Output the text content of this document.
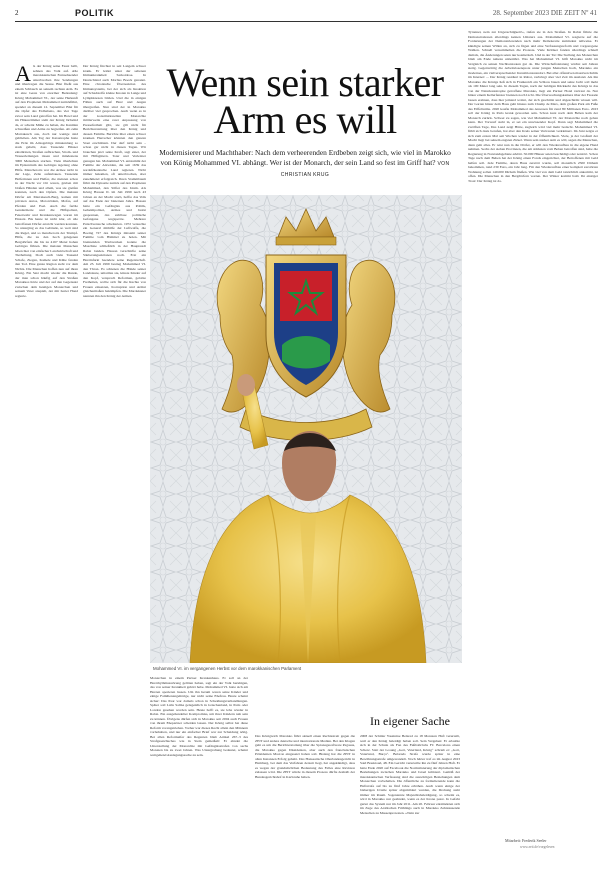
2	POLITIK	28. September 2023 DIE ZEIT Nº 41
A ls der König seine Faust ballt, sehnen das Volk auf. Alle marokkanischen Fernsehsender unterbrechen ihre Sendungen und übertragen die Szene. Blut fließt aus einem Schlauch an seinem rechten Arm. Es ist eine Geste von enormer Bedeutung: König Mohammed VI., der seine Herkunft auf den Propheten Mohammed zurückführt, spendet an diesem 12. September Blut für die Opfer des Erdbebens, das vier Tage zuvor sein Land getroffen hat. Im Hotel und im Hinterzimmer steht der König lächelnd da, er scheint Mühe zu haben, die Kanülen schweißen und Arme zu begreifen. Ab zehn Marrakesch aus, doch nur wenige sind geblieben. Am Tag der Katastrophe hatte die Erde im Atlasgebirge minutenlang so stark gebebt, dass Tausende Häuser einstürzten, Straßen aufbrachen, Strom- und Wasserleitungen rissen und mindestens 3000 Menschen starben. Viele überlebten im Epizentrum des Gebirges tagelang ohne Hilfe. Mancherorts war die Armee nicht in der Lage, Zelte aufzubauen. Tausende Helferinnen und Helfer, die meisten schon in der Nacht vor Ort waren, gruben mit bloßen Händen und allem, was sie greifen konnten, nach den Opfern. Die meisten Dörfer am Marrakesch-Berg, kamen mit privaten Autos, Motorrädern, Mofas, auf Pferden und Esel. Auch die fertile Gendarmerie und die Hilfspolizei, Feuerwehr und Krankenwagen waren im Einsatz. Bis heute ist nicht klar, ob alle betroffenen Dörfer erreicht werden konnten. So unterging es das Gebäude, so weit sind die Regel, und so mancherorts der Trumpf-Hilfe, die zu den hoch gelegenen Bergdörfern die bis zu 4167 Meter hohen Gebirges führen. Die meisten Menschen leben hier von einfacher Landwirtschaft und Tierhaltung. Doch auch viele Tausend Schafe, Ziegen, Kamele und Kühe fanden den Tod. Eine ganze Region steht vor dem Nichts. Die Menschen hoffen nun auf ihren König. Ein Satz macht wieder die Runde, der man schon häufig auf den Straßen Marokkos hörte und der auf den Gegensatz zwischen dem heutigen Monarchen und seinem Vater anspielt, der mit harter Hand regierte.
Der König fürchtet in seit Langem schwer krank. Er leidet unter der seltenen Immunkrankheit Sarkoidose. In Deutschland auch Morbus Boeck genannt. Eine chronische Überreaktion des Immunsystems, bei der sich als Reaktion auf Schadstoffe kleine Knoten in Lunge und Lymphknoten bilden. Und die in einigen Fällen auch auf Herz und Augen übergreifen. Nun sind der in Marokko darüber viel gesprochen. Auch wenn es in der konstitutionellen Monarchie mittlerweile eine rarer Anpassung von Pressefreiheit gibt, sie gilt nicht für Berichterstattung über den König und dessen Familie. Berichte über einen schwer kranken Herrscher könnten den ganzen Staat erschüttern. Der darf nicht sein – schon gar nicht in diesen Tagen. Wir brauchen jetzt seine Kraft, sagt einer, der mit Hilfsgütern. Toter und Verletzter genugen hat. Mohammed VI. entstammt der Familie der Alawiden, die seit 1639 das nordafrikanische Land regieren. Nicht immer bekamen, oft unterbrochen, aber zunehmend erfolgreich. Ihren Stammbaum führt die Dynastie zurück auf den Propheten Mohammed, den Stifter des Islam. Als König Hassan II. im Juli 1999 nach 43 Jahren an der Macht starb, hoffte das Volk auf das Ende der bleiernen Jahre. Hassan hatte ein Gefängnis aus Politik, Geheimpolizei, Armee und Justiz gesponnen, das zahllose politische Gefangene wegsperrte. Mehrere Putschversuche scheiterten. 1972 versuchte ein General mithilfe der Luftwaffe, die Boeing 727 des Königs mitsamt seiner Familie vom Himmel zu holen. Mit brennenden Triebwerken konnte die Maschine schließlich in der Hauptstadt Rabat landen. Hassan verschärfte seine Säuberungsaktionen noch. Erst ein Herzinfarkt beendete seine Regentschaft. Am 23. Juli 1999 bestieg Mohammed VI. den Thron. Es schienen die Hände seiner Landsleute, umarmte sie, küsste Kinder auf den Kopf, versprach Reformen, gelobte Freiheiten, wollte sich für die Rechte von Frauen einsetzen, Korruption und Armut gleichermaßen bekämpfen. Die Marokkaner nannten ihn den König der Armen.
Wenn sein starker
Arm es will
Modernisierer und Machthaber: Nach dem verheerenden Erdbeben zeigt sich, wie viel in Marokko von König Mohammed VI. abhängt. Wer ist der Monarch, der sein Land so fest im Griff hat? VON CHRISTIAN KRUG
Mohammed VI. im vergangenen Herbst vor dem marokkanischen Parlament
Monarchen in einem Pariser Krankenhaus. Er soll an der Herzrhythmusstörung gelitten haben, sagt ein der Volk beruhigen, das von seiner Krankheit gehört habe. Mohammed VI. hatte sich am Herzen operieren lassen. Um ihn herum waren seine Kinder und einige Familienangehörige, nur nicht seine Ehefrau. Heute scheint sicher: Das Paar war damals schon in Scheidungsverhandlungen. Später soll Lalla Salma gelegentlich in Griechenland, in Paris oder London gesehen worden sein. Heute hofft es, sie lebe wieder in Rabat. Ein ausgehandelter Kompromiss, um ihrer Kindern nah sein zu können. Übrigens dürfen sich in Marokko seit 2004 auch Frauen von ihrem Ehepartner scheiden lassen. Der König selbst hat diese Reform vorangetrieben. Vorher war dieses Recht allein den Männern vorbehalten, und nur ein einfacher Brief war zur Scheidung nötig. Bei allen Reformeifer des Regenten blieb Artikel 267–3 des Strafgesetzbuches wie in Stein gemeißelt: Er ahndet die Unterstellung der Monarchie mit Gefängnisstrafen von sechs Monaten bis zu zwei Jahren. Was Untergrabung bedeutet, scheint weitgehend Auslegungssache zu sein.
In eigener Sache
Das Königreich Marokko führt aktuell einen Rechtsstreit gegen die ZEIT und andere deutsche und internationale Medien. Bei den Klagen geht es um die Berichterstattung über die Spionagesoftware Pegasus, die Marokko gegen Dissidenten, aber auch den französischen Präsidenten Macron eingesetzt haben soll. Bislang hat die ZEIT in allen Instanzen Erfolg gehabt. Das Hanseatische Oberlandesgericht in Hamburg, bei dem das Verfahren derzeit liegt, hat angekündigt, dass es wegen der grundsätzlichen Bedeutung des Falles eine Revision zulassen wird. Die ZEIT würde in diesem Prozess dürfte deshalb der Bundesgerichtshof in Karlsruhe haben.
2008 der Schüler Yassinine Belarad zu 18 Monaten Haft verurteilt, weil er den König beleidigt haben soll. Sein Vergehen: Er erlaubte sich in der Schule als Fan des Fußballclubs FC Barcelona einen Scherz. Statt der Losung „Gott, Vaterland, König“ schrieb er: „Gott, Vaterland, Barça“. Belarads Strafe wurde später in eine Bewährungsstrafe umgewandelt. Noch härter traf es im August 2023 Said Boukioud, 48. Ein Gericht verurteilte ihn zu fünf Jahren Haft. Er hatte Ende 2020 auf Facebook die Normalisierung der diplomatischen Beziehungen zwischen Marokko und Israel kritisiert. Gemäß der marokkanischen Verfassung sind die auswärtigen Beziehungen dem Monarchen vorbehalten. Die öffentliche zu formulierende kann die Haftstrafe auf bis zu fünf Jahre erhöhen. Auch wenn einige der bisherigen Urteile später abgemildert wurden, die Drohung steht immer im Raum. Sogenannte Majestätsbeleidigung, so scheint es, wird in Marokko nur geahndet, wenn es der Krone passt. In Gefahr geriet das System nur im Jahr 2011. Am 20. Februar entzündeten sich im Zuge des Arabischen Frühlings auch in Marokko Zehntausende Menschen zu Massenprotesten. »Nein zur
Tyrannei, nein zur Ungerechtigkeit!«, riefen sie in den Straßen. In Rabat führte die Demonstrationen allerdings keinen Umsturz aus. Mohammed VI. reagierte auf die Forderungen der Demonstrierenden nach mehr Demokratie zumindest teilweise. Er kündigte seinen Willen an, sich zu fügen und eine Verfassungsreform und vorgezogene Wahlen. Schnell versammelten die Proteste. Viele Kritiker fanden allerdings schnell damals, die Änderungen seien nur kosmetisch. Und in der Tat: Die Stellung des Monarchen blieb am Ende nahezu unberührt. Was hat Mohammed VI. hilft Marokko nicht im Vergleich zu seinen Nachbarstaaten gut da. Die Wirtschaftsleistung wächst seit Jahren stetig. Gegenwärtig die Arbeitslosenquote unter jungen Menschen hoch, Marokko ein modernes, ein vielversprechender Investitionsstandort. Bei aller offensiven massiven Kritik im Internet: ... Der König residiert in Rabat, verbringt aber viel Zeit im Ausland. Als ihn Marokko die Könige ließ sich in Frankreich ein Schloss bauen und seine Jacht soll mehr als 100 Meter lang sein. In diesem Tagen, nach der baldigen Rückkehr des Königs in das von der Naturkatastrophe getroffene Marokko, liegt ein Pariser Hotel vertraut da. Nur hinter einem Kellerfenster brennen noch Licht. Die Überwachungskamera über der Fassade lassen erahnen, dass hier jemand wohnt, der sich geschützt und abgeschirmt wissen will. Der Garten hinter dem Haus geht hinaus zum Champ de Mars, dem großen Park am Fuße des Eiffelturms. 2020 kaufte Mohammed das Anwesen für rund 80 Millionen Euro. 2023 soll der König in Paris krank geworden sein. Schon kurz nach dem Beben kam der Monarch zurück. Schwer zu sagen, wie viel Mohammed VI. der Monarchie noch geben kann. Der Vorwurf steht in, er sei ein unwissender Kopf. Dann sagt Mohammed die zwölften Tage, Das Land zeigt Härte, zugleich wird viel mehr bedacht. Mohammed VI. fühlt sich dazu berufen, hat aber den Kreis seiner Vertrauten verkleinert. Im Juni zeigte er sich zum ersten Mal seit Wochen wieder in der Öffentlichkeit. Viele, ja der Großteil der Macht liegt bei seinem engsten Zirkel. Wenn sein starker Arm es will, sagen die Menschen, dann geht alles. Er reist nun in die Dörfer, er will den Wiederaufbau in die eigene Hand nehmen. Sechs der sieben Provinzen, die am stärksten vom Beben betroffen sind, habe die Regierung in Notstandsgebiete erklärt. 50.000 Häuser seien beschädigt oder zerstört. Schon Tage nach dem Beben hat der König einen Fonds eingerichtet, der Betroffenen mit Geld helfen soll. Jede Familie, deren Haus zerstört wurde, soll monatlich 2500 Dirham bekommen, rund 230 Euro, ein Jahr lang. Für den Wiederaufbau einer komplett zerstörten Wohnung sollen 140.000 Dirham fließen. Wie viel von dem Geld tatsächlich ankommt, ist offen. Die Menschen in den Bergdörfern warten. Der Winter kommt bald. Ihr einziger Trost: Der König ist da.
Mitarbeit: Frederik Seeler
www.zeit.de/vorgelesen
